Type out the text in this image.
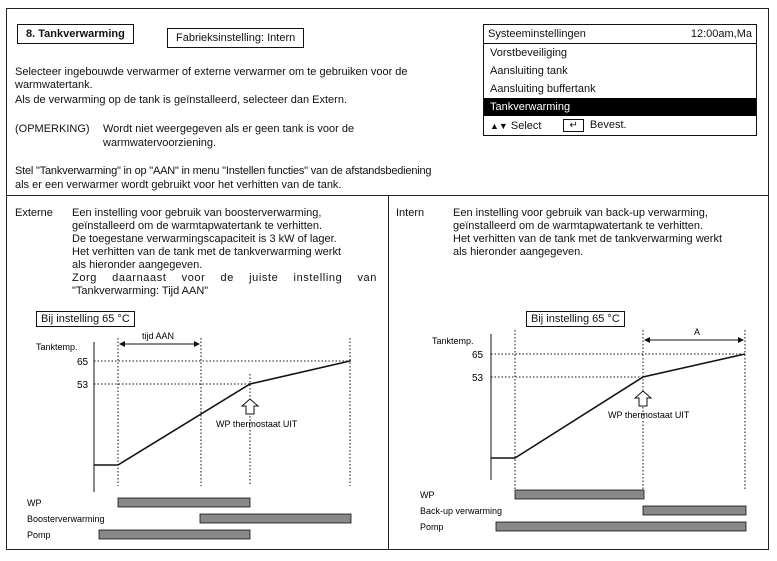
8. Tankverwarming	Fabrieksinstelling: Intern
Selecteer ingebouwde verwarmer of externe verwarmer om te gebruiken voor de
warmwatertank.
Als de verwarming op de tank is geïnstalleerd, selecteer dan Extern.
(OPMERKING) Wordt niet weergegeven als er geen tank is voor de
warmwatervoorziening.
Stel "Tankverwarming" in op "AAN" in menu "Instellen functies" van de afstandsbediening
als er een verwarmer wordt gebruikt voor het verhitten van de tank.
Systeeminstellingen	12:00am,Ma
Vorstbeveiliging
Aansluiting tank
Aansluiting buffertank
Tankverwarming
▲▼ Select	↵ Bevest.
Externe Een instelling voor gebruik van boosterverwarming,
geïnstalleerd om de warmtapwatertank te verhitten.
De toegestane verwarmingscapaciteit is 3 kW of lager.
Het verhitten van de tank met de tankverwarming werkt
als hieronder aangegeven.
Zorg daarnaast voor de juiste instelling van
"Tankverwarming: Tijd AAN"
Bij instelling 65 °C
Tanktemp.
65
53
tijd AAN
WP thermostaat UIT
WP
Boosterverwarming
Pomp
Tanktemp.
65
53
A
WP thermostaat UIT
WP
Back-up verwarming
Pomp
Intern	Een instelling voor gebruik van back-up verwarming,
geïnstalleerd om de warmtapwatertank te verhitten.
Het verhitten van de tank met de tankverwarming werkt
als hieronder aangegeven.
Bij instelling 65 °C
